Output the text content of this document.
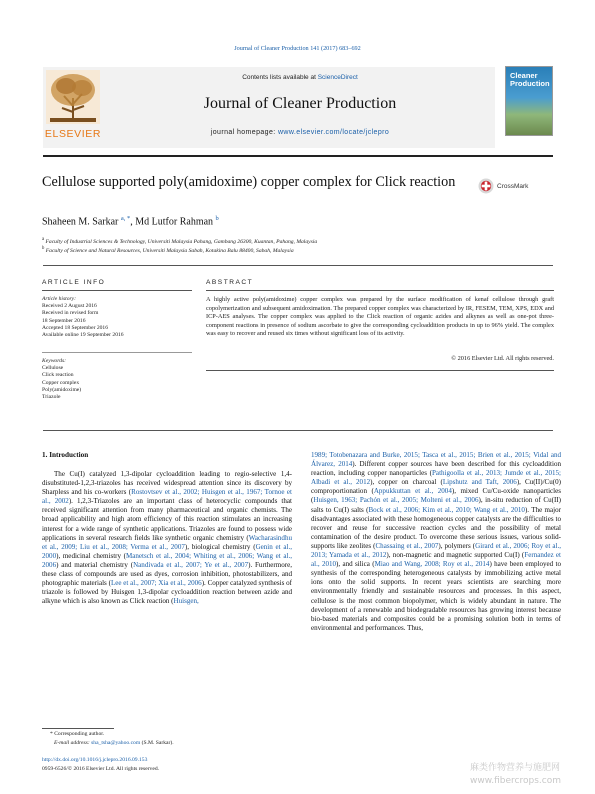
Journal of Cleaner Production 141 (2017) 683–692
ELSEVIER
Contents lists available at ScienceDirect
Journal of Cleaner Production
journal homepage: www.elsevier.com/locate/jclepro
Cleaner Production
Cellulose supported poly(amidoxime) copper complex for Click reaction	CrossMark
Shaheen M. Sarkar $^{a, *}$, Md Lutfor Rahman $^b$
$^a$ Faculty of Industrial Sciences & Technology, Universiti Malaysia Pahang, Gambang 26300, Kuantan, Pahang, Malaysia
$^b$ Faculty of Science and Natural Resources, Universiti Malaysia Sabah, Kotakina Balu 88400, Sabah, Malaysia
ARTICLE INFO
Article history:
Received 2 August 2016
Received in revised form
18 September 2016
Accepted 18 September 2016
Available online 19 September 2016
Keywords:
Cellulose
Click reaction
Copper complex
Poly(amidoxime)
Triazole
ABSTRACT
A highly active poly(amidoxime) copper complex was prepared by the surface modification of kenaf cellulose through graft copolymerization and subsequent amidoximation. The prepared copper complex was characterized by IR, FESEM, TEM, XPS, EDX and ICP-AES analyses. The copper complex was applied to the Click reaction of organic azides and alkynes as well as one-pot three-component reactions in presence of sodium ascorbate to give the corresponding cycloaddition products in up to 96% yield. The complex was easy to recover and reused six times without significant loss of its activity.
© 2016 Elsevier Ltd. All rights reserved.
1. Introduction

The Cu(I) catalyzed 1,3-dipolar cycloaddition leading to regio-selective 1,4-disubstituted-1,2,3-triazoles has received widespread attention since its discovery by Sharpless and his co-workers (Rostovtsev et al., 2002; Huisgen et al., 1967; Tornoe et al., 2002). 1,2,3-Triazoles are an important class of heterocyclic compounds that received significant attention from many pharmaceutical and organic chemists. The broad applicability and high atom efficiency of this reaction stimulates an increasing interest for a wide range of synthetic applications. Triazoles are found to possess wide applications in several research fields like synthetic organic chemistry (Wacharasindhu et al., 2009; Liu et al., 2008; Verma et al., 2007), biological chemistry (Genin et al., 2000), medicinal chemistry (Manetsch et al., 2004; Whiting et al., 2006; Wang et al., 2006) and material chemistry (Nandivada et al., 2007; Ye et al., 2007). Furthermore, these class of compounds are used as dyes, corrosion inhibition, photostabilizers, and photographic materials (Lee et al., 2007; Xia et al., 2006). Copper catalyzed synthesis of triazole is followed by Huisgen 1,3-dipolar cycloaddition reaction between azide and alkyne which is also known as Click reaction (Huisgen,

1989; Totobenazara and Burke, 2015; Tasca et al., 2015; Brien et al., 2015; Vidal and Álvarez, 2014). Different copper sources have been described for this cycloaddition reaction, including copper nanoparticles (Pathigoolla et al., 2013; Jumde et al., 2015; Albadi et al., 2012), copper on charcoal (Lipshutz and Taft, 2006), Cu(II)/Cu(0) comproportionation (Appukkuttan et al., 2004), mixed Cu/Cu-oxide nanoparticles (Huisgen, 1963; Pachón et al., 2005; Molteni et al., 2006), in-situ reduction of Cu(II) salts to Cu(I) salts (Bock et al., 2006; Kim et al., 2010; Wang et al., 2010). The major disadvantages associated with these homogeneous copper catalysts are the difficulties to recover and reuse for successive reaction cycles and the possibility of metal contamination of the desire product. To overcome these serious issues, various solid-supports like zeolites (Chassaing et al., 2007), polymers (Girard et al., 2006; Roy et al., 2013; Yamada et al., 2012), non-magnetic and magnetic supported Cu(I) (Fernandez et al., 2010), and silica (Miao and Wang, 2008; Roy et al., 2014) have been employed to synthesis of the corresponding heterogeneous catalysts by immobilizing active metal ions onto the solid supports. In recent years scientists are searching more environmentally friendly and sustainable resources and processes. In this aspect, cellulose is the most common biopolymer, which is widely abundant in nature. The development of a renewable and biodegradable resources has growing interest because bio-based materials and composites could be a promising solution both in terms of environmental and performances. Thus,
* Corresponding author.
E-mail address: sha_tsha@yahoo.com (S.M. Sarkar).
http://dx.doi.org/10.1016/j.jclepro.2016.09.153
0959-6526/© 2016 Elsevier Ltd. All rights reserved.	麻类作物营养与施肥网
www.fibercrops.com
